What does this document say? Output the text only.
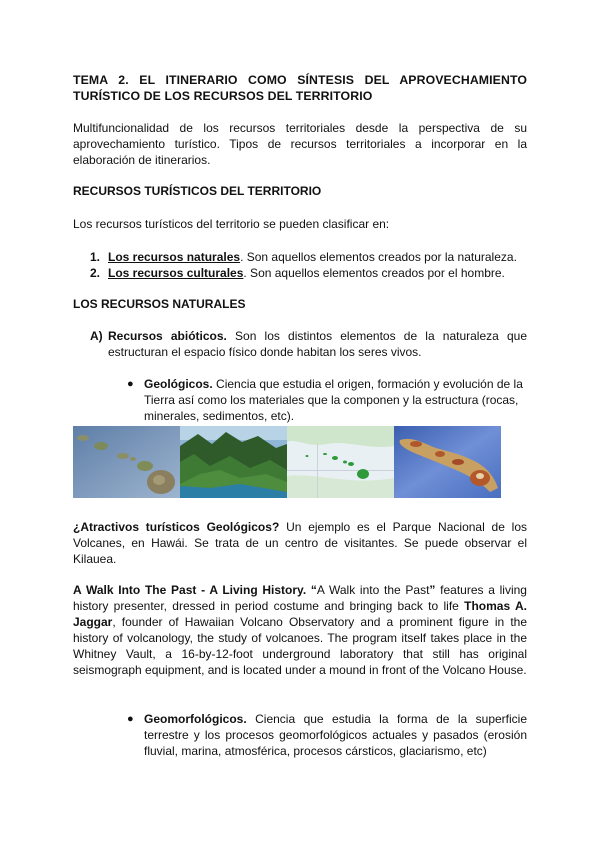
TEMA 2. EL ITINERARIO COMO SÍNTESIS DEL APROVECHAMIENTO TURÍSTICO DE LOS RECURSOS DEL TERRITORIO
Multifuncionalidad de los recursos territoriales desde la perspectiva de su aprovechamiento turístico. Tipos de recursos territoriales a incorporar en la elaboración de itinerarios.
RECURSOS TURÍSTICOS DEL TERRITORIO
Los recursos turísticos del territorio se pueden clasificar en:
1. Los recursos naturales. Son aquellos elementos creados por la naturaleza.
2. Los recursos culturales. Son aquellos elementos creados por el hombre.
LOS RECURSOS NATURALES
A) Recursos abióticos. Son los distintos elementos de la naturaleza que estructuran el espacio físico donde habitan los seres vivos.
● Geológicos. Ciencia que estudia el origen, formación y evolución de la Tierra así como los materiales que la componen y la estructura (rocas, minerales, sedimentos, etc).
¿Atractivos turísticos Geológicos? Un ejemplo es el Parque Nacional de los Volcanes, en Hawái. Se trata de un centro de visitantes. Se puede observar el Kilauea.
A Walk Into The Past - A Living History. “A Walk into the Past” features a living history presenter, dressed in period costume and bringing back to life Thomas A. Jaggar, founder of Hawaiian Volcano Observatory and a prominent figure in the history of volcanology, the study of volcanoes. The program itself takes place in the Whitney Vault, a 16-by-12-foot underground laboratory that still has original seismograph equipment, and is located under a mound in front of the Volcano House.
● Geomorfológicos. Ciencia que estudia la forma de la superficie terrestre y los procesos geomorfológicos actuales y pasados (erosión fluvial, marina, atmosférica, procesos cársticos, glaciarismo, etc)
